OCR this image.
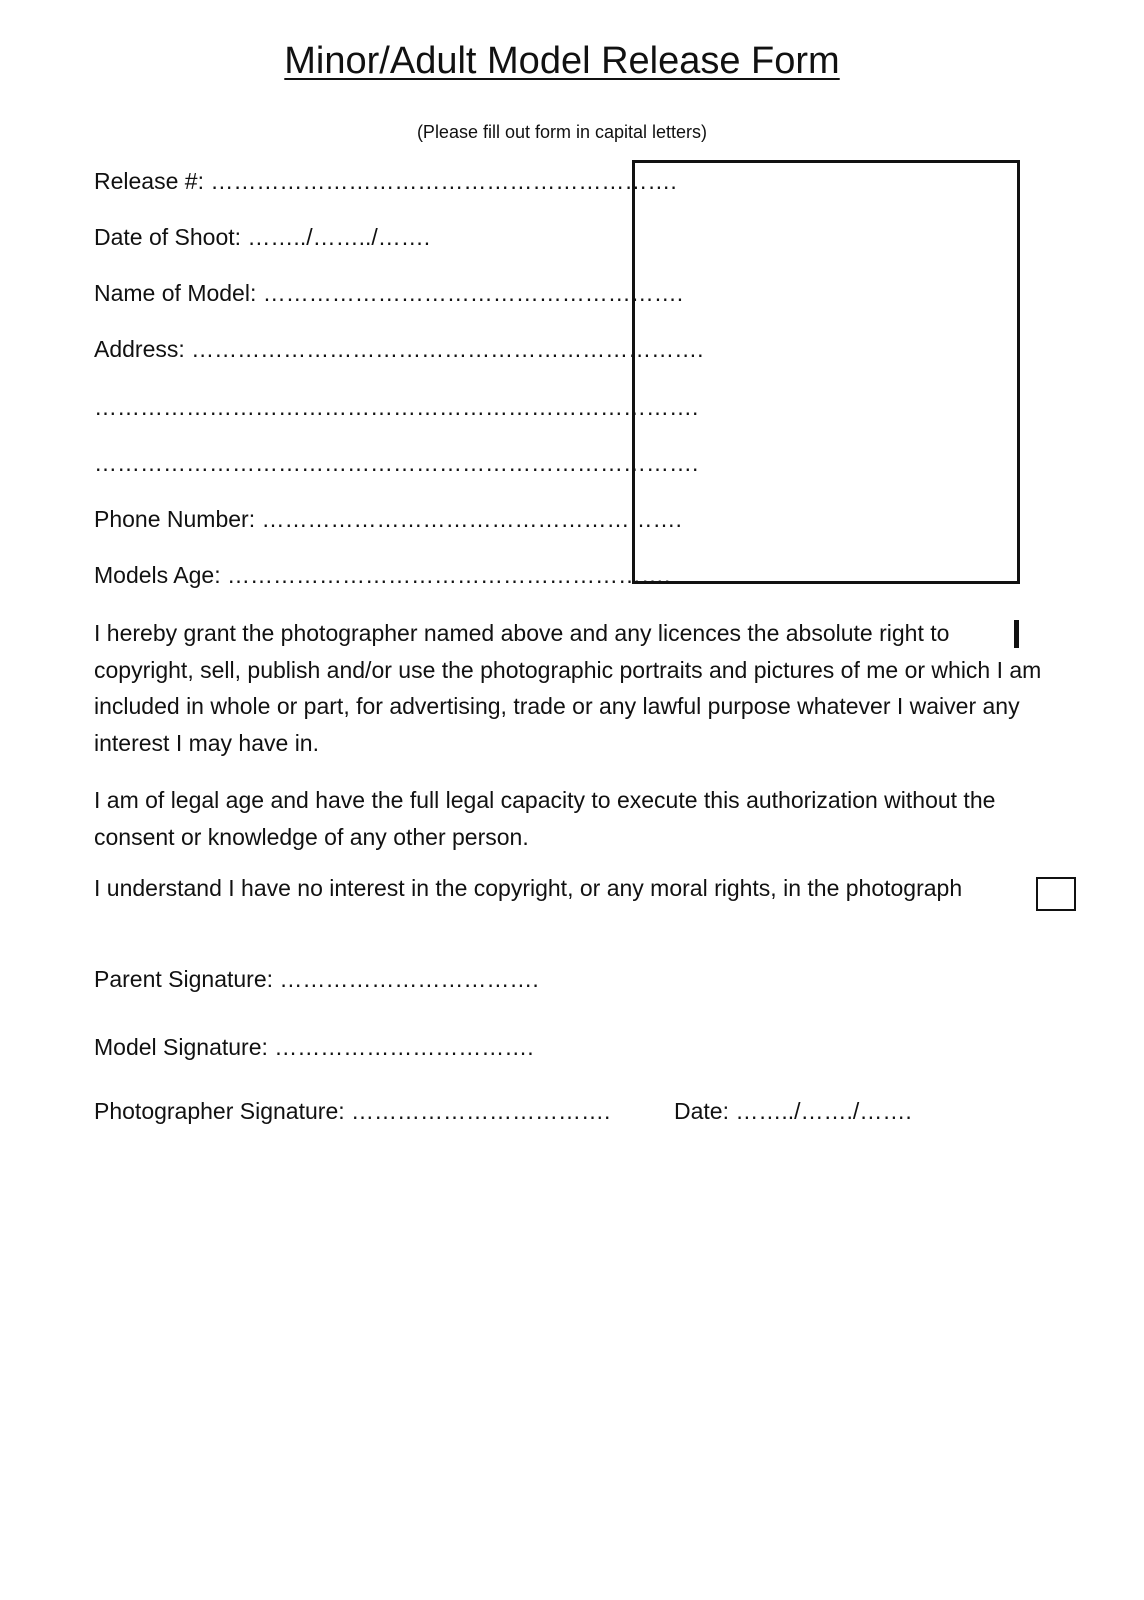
Minor/Adult Model Release Form
(Please fill out form in capital letters)
Release #: …………………………………………………….
Date of Shoot: ……../……../…….
Name of Model: ……………………………………………….
Address: ………………………………………………………….
…………………………………………………………………….
…………………………………………………………………….
Phone Number: ……………………………………………….
Models Age: ………………………………………………….
I hereby grant the photographer named above and any licences the absolute right to copyright, sell, publish and/or use the photographic portraits and pictures of me or which I am included in whole or part, for advertising, trade or any lawful purpose whatever I waiver any interest I may have in.
I am of legal age and have the full legal capacity to execute this authorization without the consent or knowledge of any other person.
I understand I have no interest in the copyright, or any moral rights, in the photograph
Parent Signature: …………………………….
Model Signature: …………………………….
Photographer Signature: …………………………….	Date: ……../……./…….
